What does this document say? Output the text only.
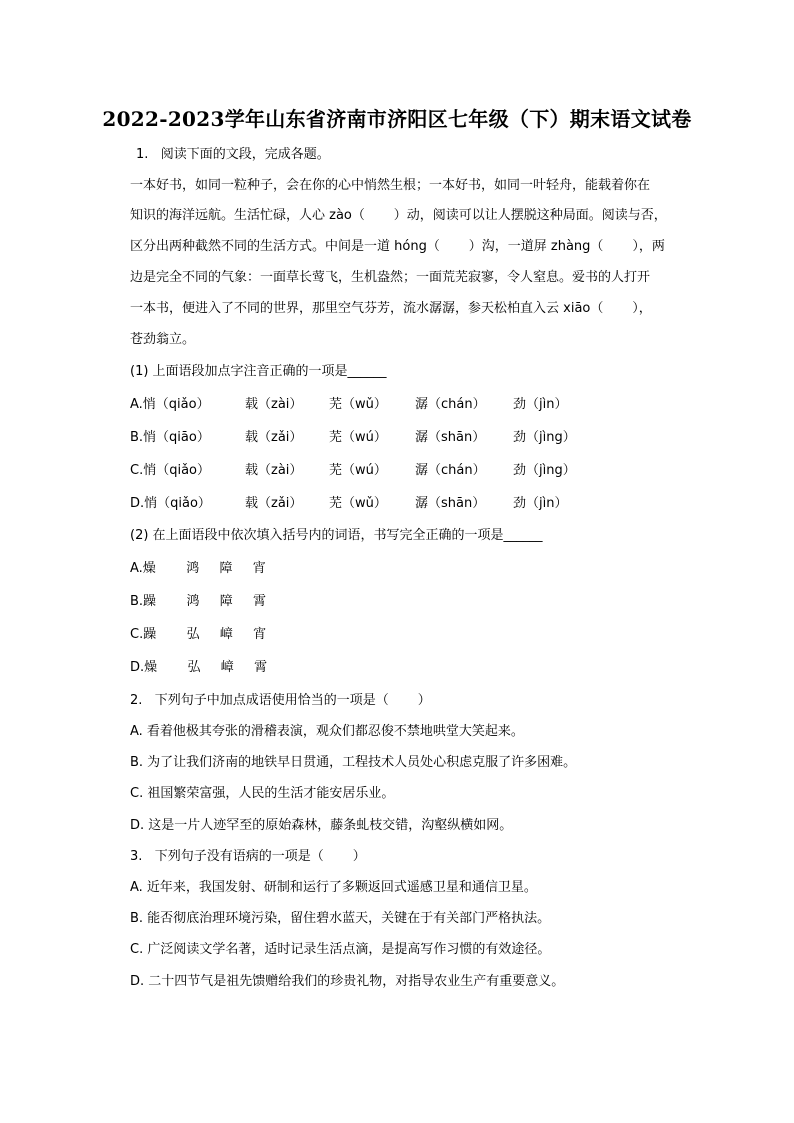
2022-2023学年山东省济南市济阳区七年级（下）期末语文试卷
1.   阅读下面的文段，完成各题。
一本好书，如同一粒种子，会在你的心中悄然生根；一本好书，如同一叶轻舟，能载着你在
知识的海洋远航。生活忙碌，人心 zào（       ）动，阅读可以让人摆脱这种局面。阅读与否，
区分出两种截然不同的生活方式。中间是一道 hóng（       ）沟，一道屏 zhàng（       ），两
边是完全不同的气象：一面草长莺飞，生机盎然；一面荒芜寂寥，令人窒息。爱书的人打开
一本书，便进入了不同的世界，那里空气芬芳，流水潺潺，参天松柏直入云 xiāo（       ），
苍劲翁立。
(1) 上面语段加点字注音正确的一项是______
A.悄（qiǎo）	载（zài） 芜（wǔ） 潺（chán） 劲（jìn）
B.悄（qiāo）	载（zǎi） 芜（wú） 潺（shān） 劲（jìng）
C.悄（qiǎo）	载（zài） 芜（wú） 潺（chán） 劲（jìng）
D.悄（qiǎo）	载（zǎi） 芜（wǔ） 潺（shān） 劲（jìn）
(2) 在上面语段中依次填入括号内的词语，书写完全正确的一项是______
A.燥   鸿  障  宵
B.躁   鸿  障  霄
C.躁   弘  嶂  宵
D.燥   弘  嶂  霄
2.   下列句子中加点成语使用恰当的一项是（       ）
A. 看着他极其夸张的滑稽表演，观众们都忍俊不禁地哄堂大笑起来。
B. 为了让我们济南的地铁早日贯通，工程技术人员处心积虑克服了许多困难。
C. 祖国繁荣富强，人民的生活才能安居乐业。
D. 这是一片人迹罕至的原始森林，藤条虬枝交错，沟壑纵横如网。
3.   下列句子没有语病的一项是（       ）
A. 近年来，我国发射、研制和运行了多颗返回式遥感卫星和通信卫星。
B. 能否彻底治理环境污染，留住碧水蓝天，关键在于有关部门严格执法。
C. 广泛阅读文学名著，适时记录生活点滴，是提高写作习惯的有效途径。
D. 二十四节气是祖先馈赠给我们的珍贵礼物，对指导农业生产有重要意义。
